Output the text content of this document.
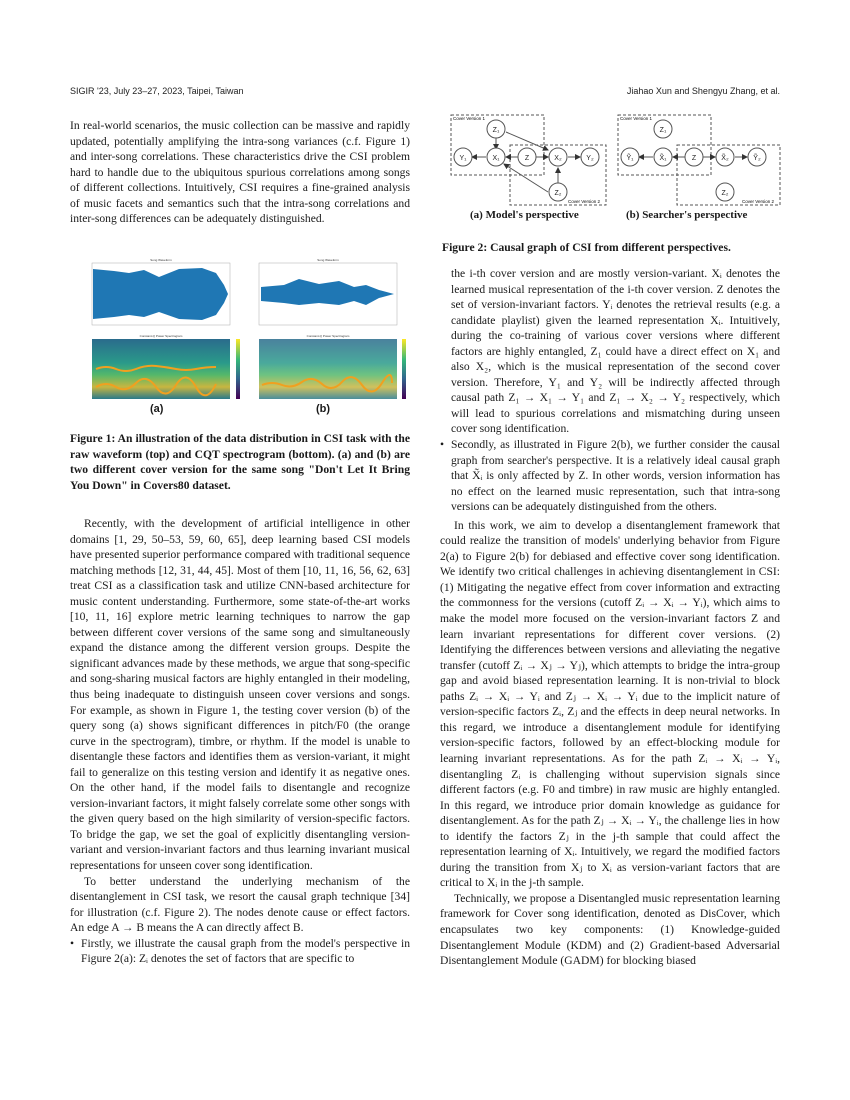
SIGIR '23, July 23–27, 2023, Taipei, Taiwan	Jiahao Xun and Shengyu Zhang, et al.

In real-world scenarios, the music collection can be massive and rapidly updated, potentially amplifying the intra-song variances (c.f. Figure 1) and inter-song correlations. These characteristics drive the CSI problem hard to handle due to the ubiquitous spurious correlations among songs of different collections. Intuitively, CSI requires a fine-grained analysis of music facets and semantics such that the intra-song correlations and inter-song differences can be adequately distinguished.

Song Waveform	Song Waveform
Constant-Q Power Spectrogram	Constant-Q Power Spectrogram
(a)	(b)
Figure 1: An illustration of the data distribution in CSI task with the raw waveform (top) and CQT spectrogram (bottom). (a) and (b) are two different cover version for the same song "Don't Let It Bring You Down" in Covers80 dataset.

Recently, with the development of artificial intelligence in other domains [1, 29, 50–53, 59, 60, 65], deep learning based CSI models have presented superior performance compared with traditional sequence matching methods [12, 31, 44, 45]. Most of them [10, 11, 16, 56, 62, 63] treat CSI as a classification task and utilize CNN-based architecture for music content understanding. Furthermore, some state-of-the-art works [10, 11, 16] explore metric learning techniques to narrow the gap between different cover versions of the same song and simultaneously expand the distance among the different version groups. Despite the significant advances made by these methods, we argue that song-specific and song-sharing musical factors are highly entangled in their modeling, thus being inadequate to distinguish unseen cover versions and songs. For example, as shown in Figure 1, the testing cover version (b) of the query song (a) shows significant differences in pitch/F0 (the orange curve in the spectrogram), timbre, or rhythm. If the model is unable to disentangle these factors and identifies them as version-variant, it might fail to generalize on this testing version and identify it as negative ones. On the other hand, if the model fails to disentangle and recognize version-invariant factors, it might falsely correlate some other songs with the given query based on the high similarity of version-specific factors. To bridge the gap, we set the goal of explicitly disentangling version-variant and version-invariant factors and thus learning invariant musical representations for unseen cover song identification.

To better understand the underlying mechanism of the disentanglement in CSI task, we resort the causal graph technique [34] for illustration (c.f. Figure 2). The nodes denote cause or effect factors. An edge A → B means the A can directly affect B.

• Firstly, we illustrate the causal graph from the model's perspective in Figure 2(a): Zᵢ denotes the set of factors that are specific to

Cover Version 1
Cover Version 2
Z₁
Y₁	X₁	Z	X₂	Y₂
Z₂
Cover Version 1
Cover Version 2
Z₁
Ỹ₁	X̃₁	Z	X̃₂	Ỹ₂
Z₂
(a) Model's perspective	(b) Searcher's perspective
Figure 2: Causal graph of CSI from different perspectives.

the i-th cover version and are mostly version-variant. Xᵢ denotes the learned musical representation of the i-th cover version. Z denotes the set of version-invariant factors. Yᵢ denotes the retrieval results (e.g. a candidate playlist) given the learned representation Xᵢ. Intuitively, during the co-training of various cover versions where different factors are highly entangled, Z₁ could have a direct effect on X₁ and also X₂, which is the musical representation of the second cover version. Therefore, Y₁ and Y₂ will be indirectly affected through causal path Z₁ → X₁ → Y₁ and Z₁ → X₂ → Y₂ respectively, which will lead to spurious correlations and mismatching during unseen cover song identification.

• Secondly, as illustrated in Figure 2(b), we further consider the causal graph from searcher's perspective. It is a relatively ideal causal graph that X̃ᵢ is only affected by Z. In other words, version information has no effect on the learned music representation, such that intra-song versions can be adequately distinguished from the others.

In this work, we aim to develop a disentanglement framework that could realize the transition of models' underlying behavior from Figure 2(a) to Figure 2(b) for debiased and effective cover song identification. We identify two critical challenges in achieving disentanglement in CSI: (1) Mitigating the negative effect from cover information and extracting the commonness for the versions (cutoff Zᵢ → Xᵢ → Yᵢ), which aims to make the model more focused on the version-invariant factors Z and learn invariant representations for different cover versions. (2) Identifying the differences between versions and alleviating the negative transfer (cutoff Zᵢ → Xⱼ → Yⱼ), which attempts to bridge the intra-group gap and avoid biased representation learning. It is non-trivial to block paths Zᵢ → Xᵢ → Yᵢ and Zⱼ → Xᵢ → Yᵢ due to the implicit nature of version-specific factors Zᵢ, Zⱼ and the effects in deep neural networks. In this regard, we introduce a disentanglement module for identifying version-specific factors, followed by an effect-blocking module for learning invariant representations. As for the path Zᵢ → Xᵢ → Yᵢ, disentangling Zᵢ is challenging without supervision signals since different factors (e.g. F0 and timbre) in raw music are highly entangled. In this regard, we introduce prior domain knowledge as guidance for disentanglement. As for the path Zⱼ → Xᵢ → Yᵢ, the challenge lies in how to identify the factors Zⱼ in the j-th sample that could affect the representation learning of Xᵢ. Intuitively, we regard the modified factors during the transition from Xⱼ to Xᵢ as version-variant factors that are critical to Xᵢ in the j-th sample.

Technically, we propose a Disentangled music representation learning framework for Cover song identification, denoted as DisCover, which encapsulates two key components: (1) Knowledge-guided Disentanglement Module (KDM) and (2) Gradient-based Adversarial Disentanglement Module (GADM) for blocking biased
